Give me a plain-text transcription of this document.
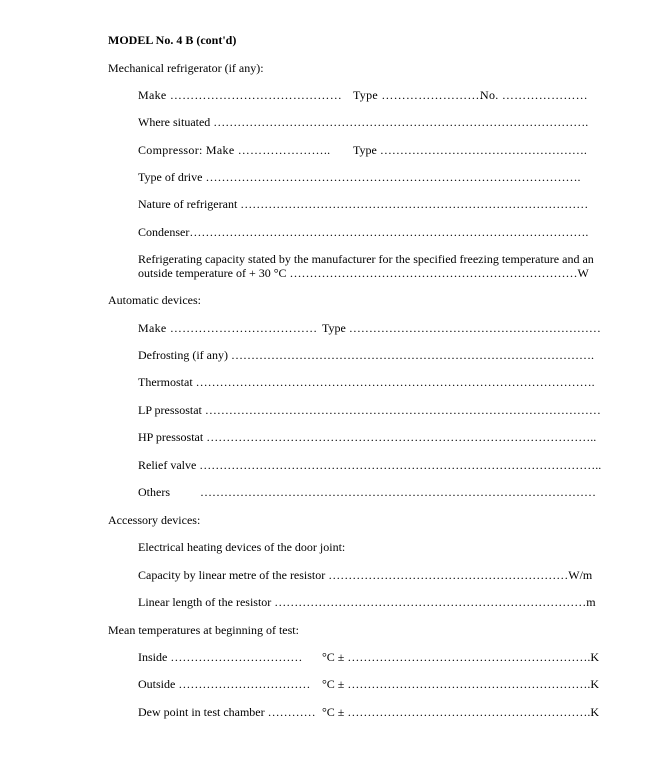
MODEL No. 4 B (cont'd)
Mechanical refrigerator (if any):
Make …………………………………… Type …………………….
No. …………………
Where situated ………………………………………………………………………………….
Compressor: Make ………………….. Type …………………………………………….
Type of drive ………………………………………………………………………………….
Nature of refrigerant ……………………………………………………………………………
Condenser……………………………………………………………………………………….
Refrigerating capacity stated by the manufacturer for the specified freezing temperature and an
outside temperature of + 30 °C ………………………………………………………………W
Automatic devices:
Make ……………………………… Type ………………………………………………………
Defrosting (if any) ……………………………………………………………………………….
Thermostat ……………………………………………………………………………………….
LP pressostat ………………………………………………………………………………………
HP pressostat ……………………………………………………………………………………..
Relief valve ………………………………………………………………………………………..
Others	………………………………………………………………………………………
Accessory devices:
Electrical heating devices of the door joint:
Capacity by linear metre of the resistor ……………………………………………………W/m
Linear length of the resistor ……………………………………………………………………m
Mean temperatures at beginning of test:
Inside …………………………… °C ± …………………………………………………….K
Outside …………………………… °C ± …………………………………………………….K
Dew point in test chamber ………… °C ± …………………………………………………….K
